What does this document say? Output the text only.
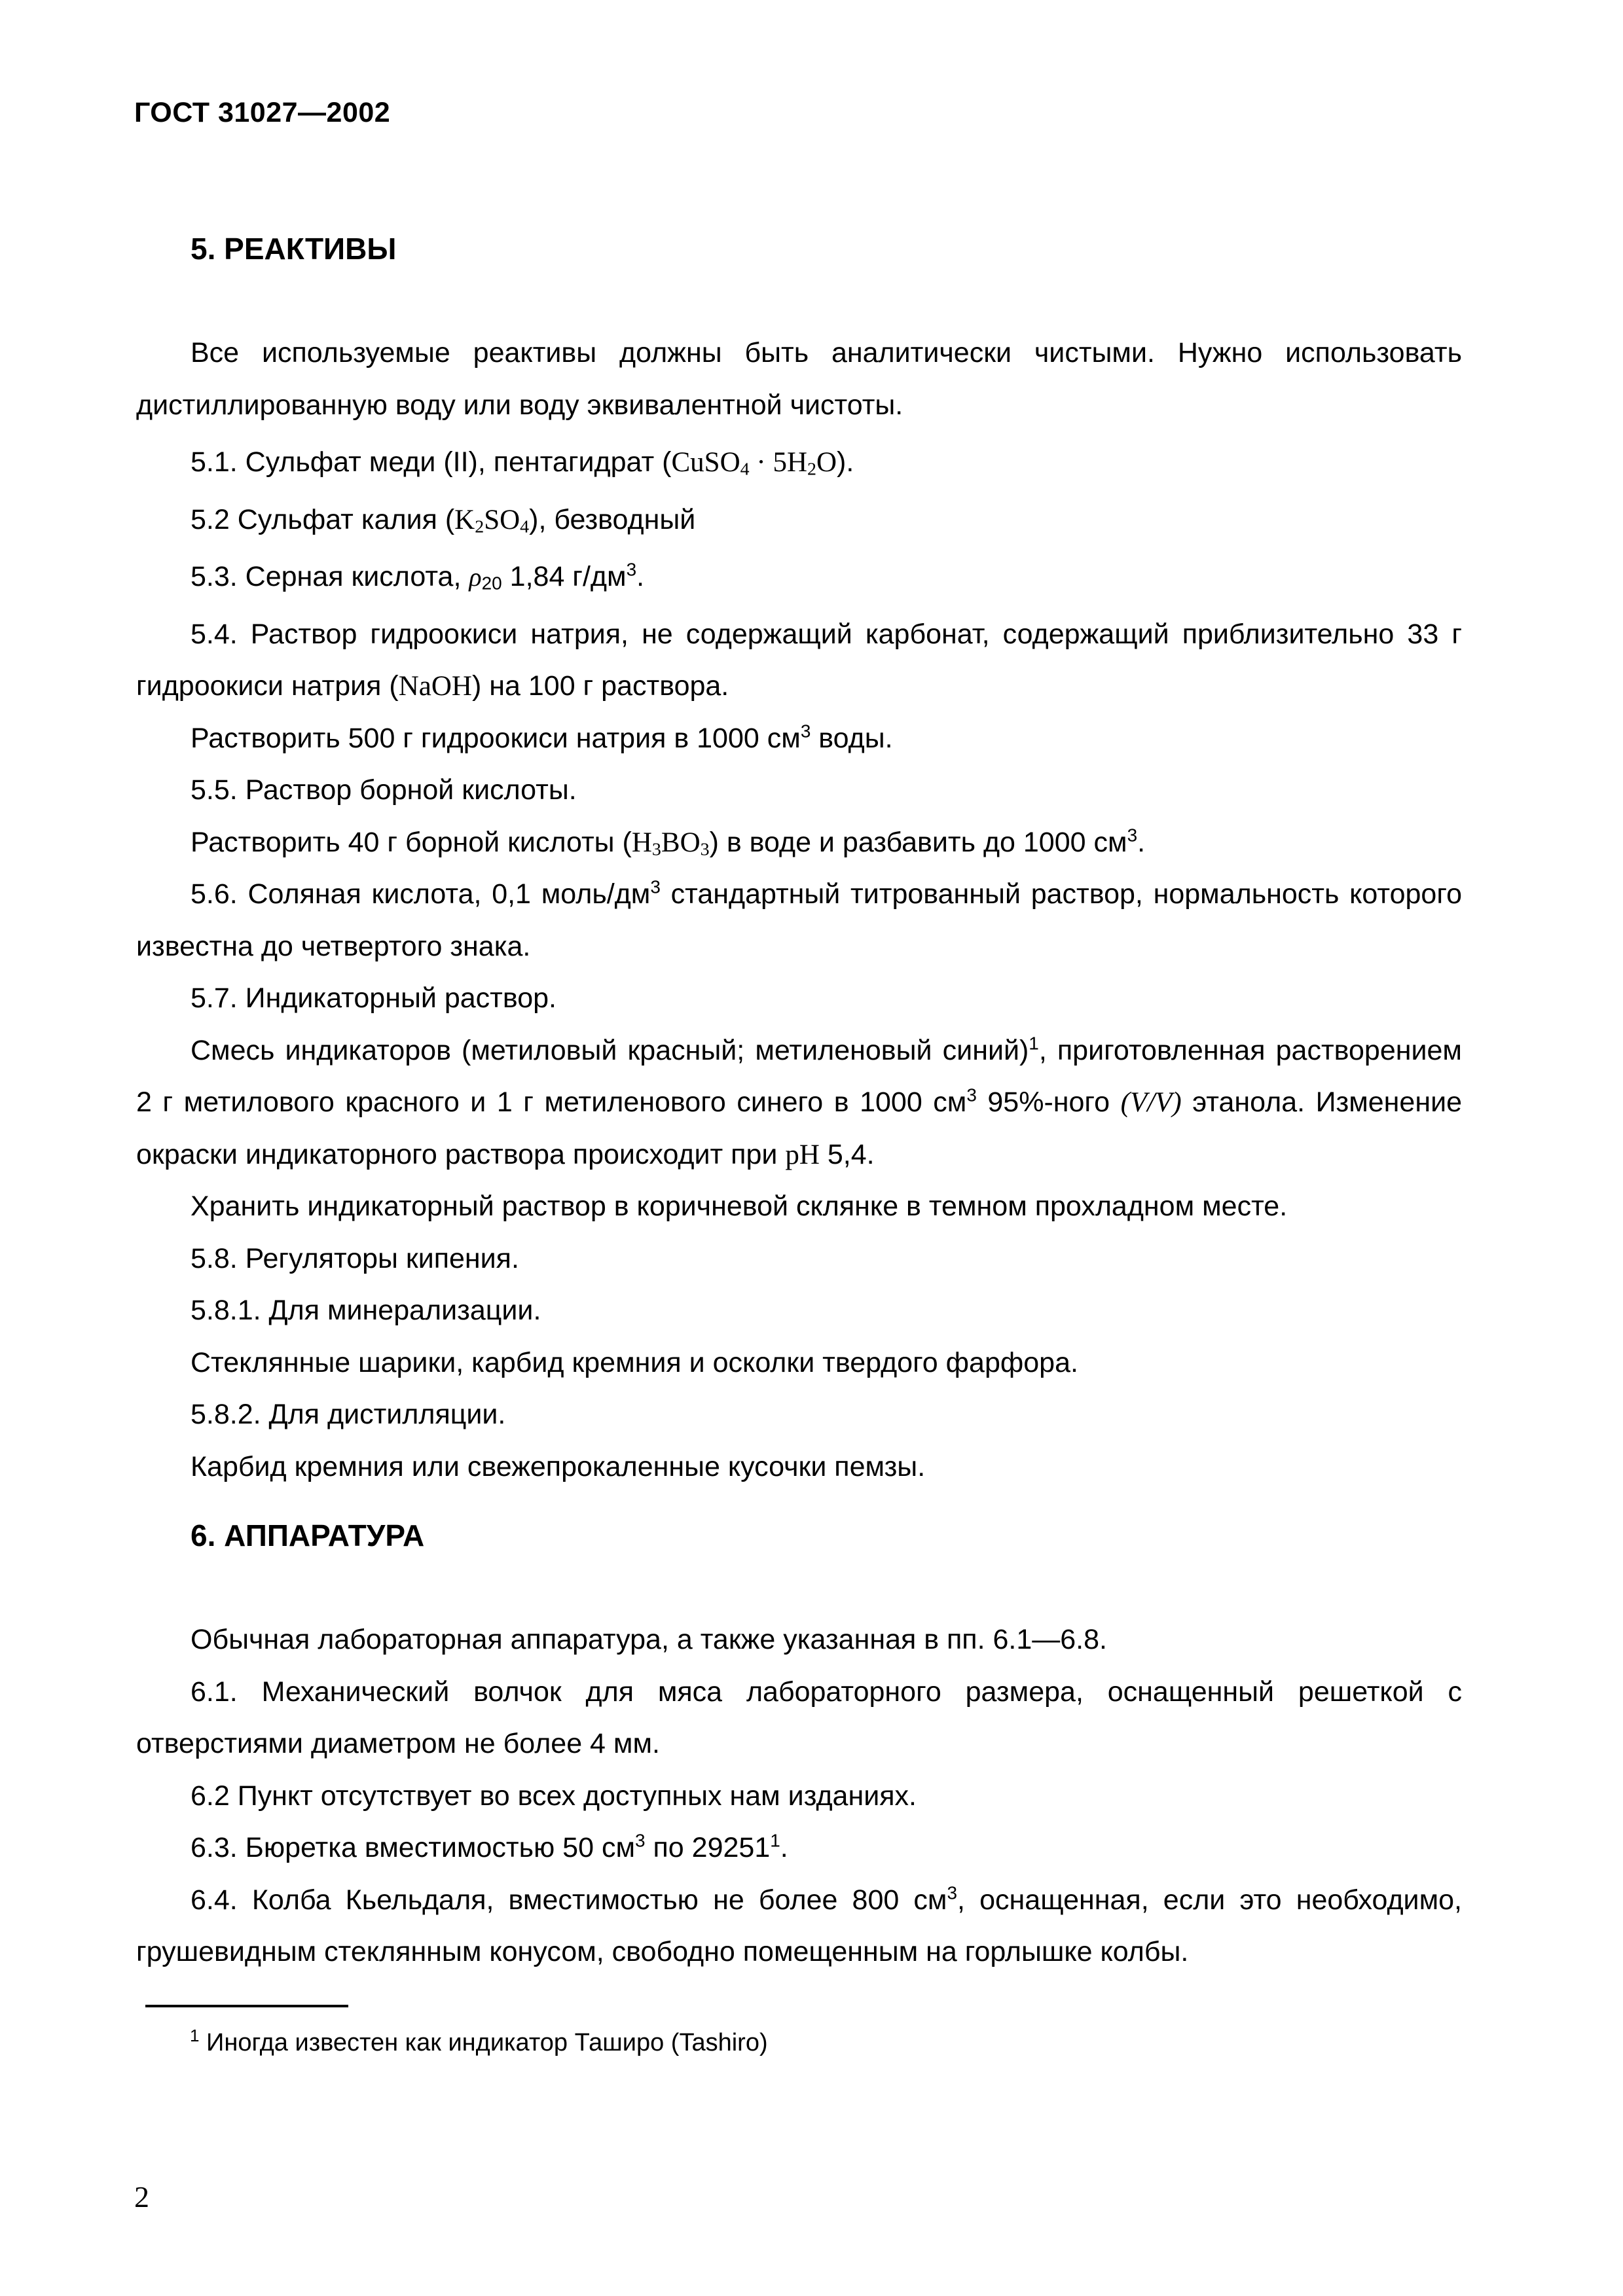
ГОСТ 31027—2002

5. РЕАКТИВЫ

Все используемые реактивы должны быть аналитически чистыми. Нужно использовать дистиллированную воду или воду эквивалентной чистоты.

5.1. Сульфат меди (II), пентагидрат (CuSO$_4$ · $5H_2O$).

5.2 Сульфат калия $(K_2SO_4)$, безводный

5.3. Серная кислота, $\rho_{20}$ 1,84 $г/дм^3$.

5.4. Раствор гидроокиси натрия, не содержащий карбонат, содержащий приблизительно 33 г гидроокиси натрия (NaOH) на 100 г раствора.

Растворить 500 г гидроокиси натрия в 1000 $см^3$ воды.

5.5. Раствор борной кислоты.

Растворить 40 г борной кислоты $(H_3BO_3)$ в воде и разбавить до 1000 $см^3$.

5.6. Соляная кислота, 0,1 моль/$дм^3$ стандартный титрованный раствор, нормальность которого известна до четвертого знака.

5.7. Индикаторный раствор.

Смесь индикаторов (метиловый красный; метиленовый синий)$^1$, приготовленная растворением 2 г метилового красного и 1 г метиленового синего в 1000 $см^3$ 95%-ного (V/V) этанола. Изменение окраски индикаторного раствора происходит при pH 5,4.

Хранить индикаторный раствор в коричневой склянке в темном прохладном месте.

5.8. Регуляторы кипения.

5.8.1. Для минерализации.

Стеклянные шарики, карбид кремния и осколки твердого фарфора.

5.8.2. Для дистилляции.

Карбид кремния или свежепрокаленные кусочки пемзы.

6. АППАРАТУРА

Обычная лабораторная аппаратура, а также указанная в пп. 6.1—6.8.

6.1. Механический волчок для мяса лабораторного размера, оснащенный решеткой с отверстиями диаметром не более 4 мм.

6.2 Пункт отсутствует во всех доступных нам изданиях.

6.3. Бюретка вместимостью 50 $см^3$ по 29251$^1$.

6.4. Колба Кьельдаля, вместимостью не более 800 $см^3$, оснащенная, если это необходимо, грушевидным стеклянным конусом, свободно помещенным на горлышке колбы.

$^1$ Иногда известен как индикатор Таширо (Tashiro)
2
